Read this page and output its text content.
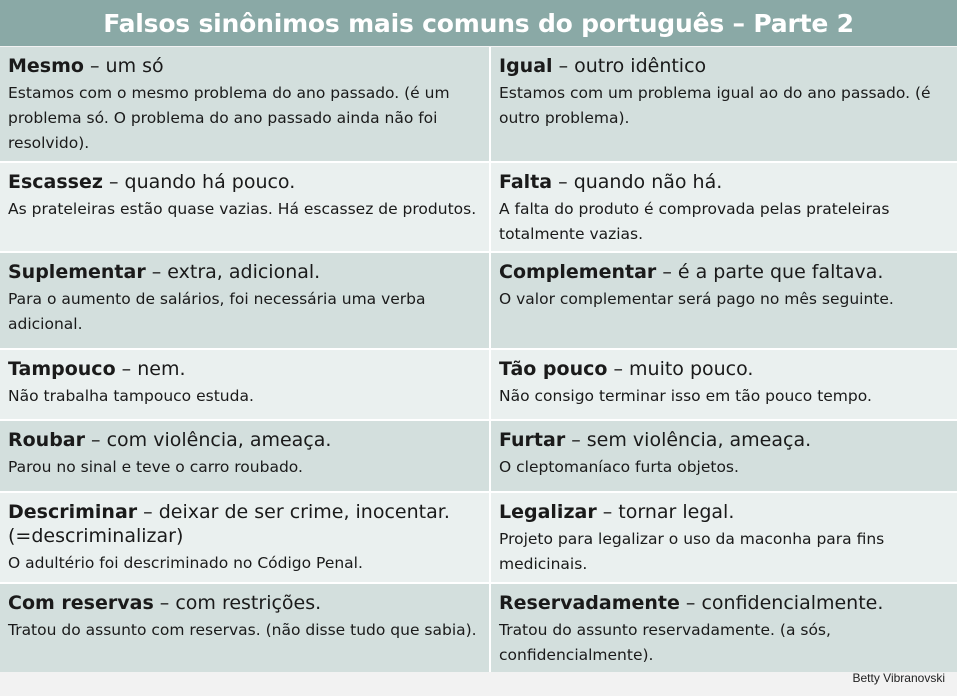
Falsos sinônimos mais comuns do português – Parte 2
Mesmo – um só
Estamos com o mesmo problema do ano passado. (é um problema só. O problema do ano passado ainda não foi resolvido).
Igual – outro idêntico
Estamos com um problema igual ao do ano passado. (é outro problema).
Escassez – quando há pouco.
As prateleiras estão quase vazias. Há escassez de produtos.
Falta – quando não há.
A falta do produto é comprovada pelas prateleiras totalmente vazias.
Suplementar – extra, adicional.
Para o aumento de salários, foi necessária uma verba adicional.
Complementar – é a parte que faltava.
O valor complementar será pago no mês seguinte.
Tampouco – nem.
Não trabalha tampouco estuda.
Tão pouco – muito pouco.
Não consigo terminar isso em tão pouco tempo.
Roubar – com violência, ameaça.
Parou no sinal e teve o carro roubado.
Furtar – sem violência, ameaça.
O cleptomaníaco furta objetos.
Descriminar – deixar de ser crime, inocentar. (=descriminalizar)
O adultério foi descriminado no Código Penal.
Legalizar – tornar legal.
Projeto para legalizar o uso da maconha para fins medicinais.
Com reservas – com restrições.
Tratou do assunto com reservas. (não disse tudo que sabia).
Reservadamente – confidencialmente.
Tratou do assunto reservadamente. (a sós, confidencialmente).
Betty Vibranovski
